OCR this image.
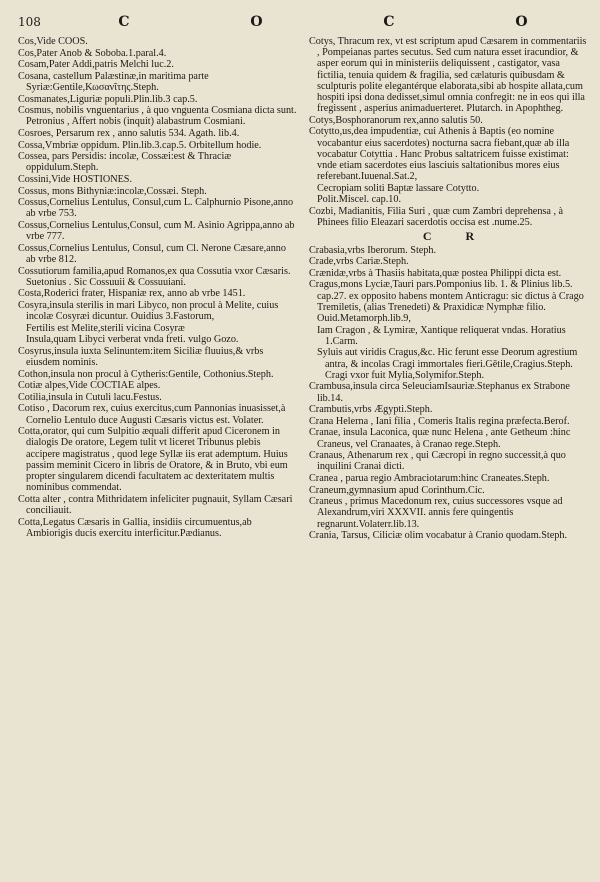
108	C	O	C	O
Cos,Vide COOS.
Cos,Pater Anob & Soboba.1.paral.4.
Cosam,Pater Addi,patris Melchi luc.2.
Cosana, castellum Palæstinæ,in maritima parte Syriæ:Gentile,Κωσανῖτης.Steph.
Cosmanates,Liguriæ populi.Plin.lib.3 cap.5.
Cosmus, nobilis vnguentarius , à quo vnguenta Cosmiana dicta sunt. Petronius , Affert nobis (inquit) alabastrum Cosmiani.
Cosroes, Persarum rex , anno salutis 534. Agath. lib.4.
Cossa,Vmbriæ oppidum. Plin.lib.3.cap.5. Orbitellum hodie.
Cossea, pars Persidis: incolæ, Cossæi:est & Thraciæ oppidulum.Steph.
Cossini,Vide HOSTIONES.
Cossus, mons Bithyniæ:incolæ,Cossæi. Steph.
Cossus,Cornelius Lentulus, Consul,cum L. Calphurnio Pisone,anno ab vrbe 753.
Cossus,Cornelius Lentulus,Consul, cum M. Asinio Agrippa,anno ab vrbe 777.
Cossus,Cornelius Lentulus, Consul, cum Cl. Nerone Cæsare,anno ab vrbe 812.
Cossutiorum familia,apud Romanos,ex qua Cossutia vxor Cæsaris. Suetonius . Sic Cossuuii & Cossuuiani.
Costa,Roderici frater, Hispaniæ rex, anno ab vrbe 1451.
Cosyra,insula sterilis in mari Libyco, non procul à Melite, cuius incolæ Cosyræi dicuntur. Ouidius 3.Fastorum,
Fertilis est Melite,sterili vicina Cosyræ
Insula,quam Libyci verberat vnda freti. vulgo Gozo.
Cosyrus,insula iuxta Selinuntem:item Siciliæ fluuius,& vrbs eiusdem nominis.
Cothon,insula non procul à Cytheris:Gentile, Cothonius.Steph.
Cotiæ alpes,Vide COCTIAE alpes.
Cotilia,insula in Cutuli lacu.Festus.
Cotiso , Dacorum rex, cuius exercitus,cum Pannonias inuasisset,à Cornelio Lentulo duce Augusti Cæsaris victus est. Volater.
Cotta,orator, qui cum Sulpitio æquali differit apud Ciceronem in dialogis De oratore, Legem tulit vt liceret Tribunus plebis accipere magistratus , quod lege Syllæ iis erat ademptum. Huius passim meminit Cicero in libris de Oratore, & in Bruto, vbi eum propter singularem dicendi facultatem ac dexteritatem multis nominibus commendat.
Cotta alter , contra Mithridatem infeliciter pugnauit, Syllam Cæsari conciliauit.
Cotta,Legatus Cæsaris in Gallia, insidiis circumuentus,ab Ambiorigis ducis exercitu interficitur.Pædianus.
Cotys, Thracum rex, vt est scriptum apud Cæsarem in commentariis , Pompeianas partes secutus. Sed cum natura esset iracundior, & asper eorum qui in ministeriis deliquissent , castigator, vasa fictilia, tenuia quidem & fragilia, sed cælaturis quibusdam & sculpturis polite elegantérque elaborata,sibi ab hospite allata,cum hospiti ipsi dona dedisset,simul omnia confregit: ne in eos qui illa fregissent , asperius animaduerteret. Plutarch. in Apophtheg.
Cotys,Bosphoranorum rex,anno salutis 50.
Cotytto,us,dea impudentiæ, cui Athenis à Baptis (eo nomine vocabantur eius sacerdotes) nocturna sacra fiebant,quæ ab illa vocabatur Cotyttia . Hanc Probus saltatricem fuisse existimat: vnde etiam sacerdotes eius lasciuis saltationibus mores eius referebant.Iuuenal.Sat.2,
Cecropiam soliti Baptæ lassare Cotytto.
Polit.Miscel. cap.10.
Cozbi, Madianitis, Filia Suri , quæ cum Zambri deprehensa , à Phinees filio Eleazari sacerdotis occisa est .nume.25.
C	R
Crabasia,vrbs Iberorum. Steph.
Crade,vrbs Cariæ.Steph.
Crænidæ,vrbs à Thasiis habitata,quæ postea Philippi dicta est.
Cragus,mons Lyciæ,Tauri pars.Pomponius lib. 1. & Plinius lib.5. cap.27. ex opposito habens montem Anticragu: sic dictus à Crago Tremiletis, (alias Trenedeti) & Praxidicæ Nymphæ filio. Ouid.Metamorph.lib.9,
Iam Cragon , & Lymiræ, Xantique reliquerat vndas. Horatius 1.Carm.
Syluis aut viridis Cragus,&c. Hic ferunt esse Deorum agrestium antra, & incolas Cragi immortales fieri.Gētile,Cragius.Steph. Cragi vxor fuit Mylia,Solymifor.Steph.
Crambusa,insula circa SeleuciamIsauriæ.Stephanus ex Strabone lib.14.
Crambutis,vrbs Ægypti.Steph.
Crana Helerna , Iani filia , Comeris Italis regina præfecta.Berof.
Cranae, insula Laconica, quæ nunc Helena , ante Getheum :hinc Craneus, vel Cranaates, à Cranao rege.Steph.
Cranaus, Athenarum rex , qui Cæcropi in regno successit,à quo inquilini Cranai dicti.
Cranea , parua regio Ambraciotarum:hinc Craneates.Steph.
Craneum,gymnasium apud Corinthum.Cic.
Craneus , primus Macedonum rex, cuius successores vsque ad Alexandrum,viri XXXVII. annis fere quingentis regnarunt.Volaterr.lib.13.
Crania, Tarsus, Ciliciæ olim vocabatur à Cranio quodam.Steph.
